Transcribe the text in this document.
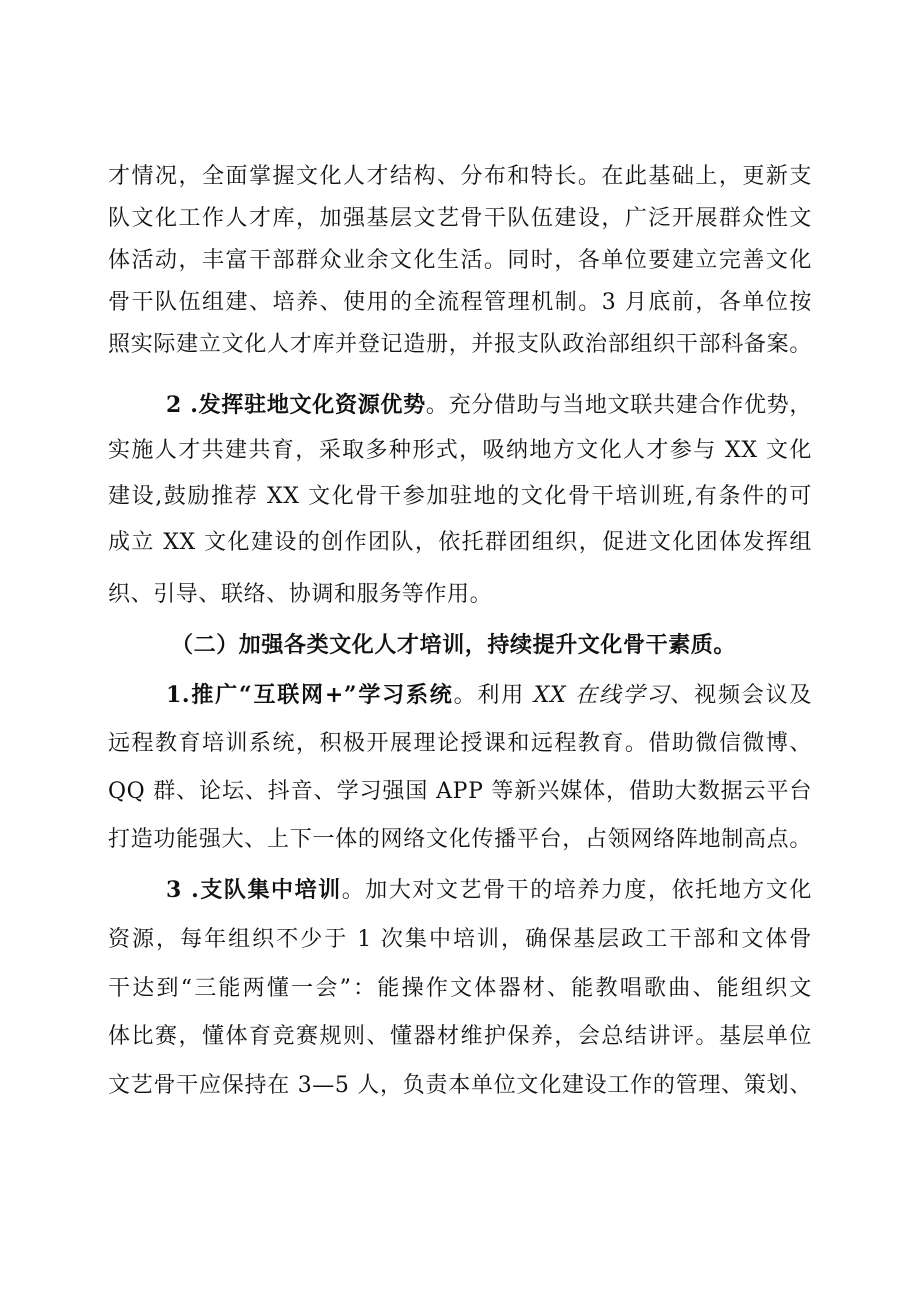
才情况，全面掌握文化人才结构、分布和特长。在此基础上，更新支
队文化工作人才库，加强基层文艺骨干队伍建设，广泛开展群众性文
体活动，丰富干部群众业余文化生活。同时，各单位要建立完善文化
骨干队伍组建、培养、使用的全流程管理机制。3 月底前，各单位按
照实际建立文化人才库并登记造册，并报支队政治部组织干部科备案。
2 .发挥驻地文化资源优势。充分借助与当地文联共建合作优势，
实施人才共建共育，采取多种形式，吸纳地方文化人才参与 XX 文化
建设,鼓励推荐 XX 文化骨干参加驻地的文化骨干培训班,有条件的可
成立 XX 文化建设的创作团队，依托群团组织，促进文化团体发挥组
织、引导、联络、协调和服务等作用。
（二）加强各类文化人才培训，持续提升文化骨干素质。
1.推广“互联网+”学习系统。利用 XX 在线学习、视频会议及
远程教育培训系统，积极开展理论授课和远程教育。借助微信微博、
QQ 群、论坛、抖音、学习强国 APP 等新兴媒体，借助大数据云平台
打造功能强大、上下一体的网络文化传播平台，占领网络阵地制高点。
3 .支队集中培训。加大对文艺骨干的培养力度，依托地方文化
资源，每年组织不少于 1 次集中培训，确保基层政工干部和文体骨
干达到“三能两懂一会”：能操作文体器材、能教唱歌曲、能组织文
体比赛，懂体育竞赛规则、懂器材维护保养，会总结讲评。基层单位
文艺骨干应保持在 3—5 人，负责本单位文化建设工作的管理、策划、
